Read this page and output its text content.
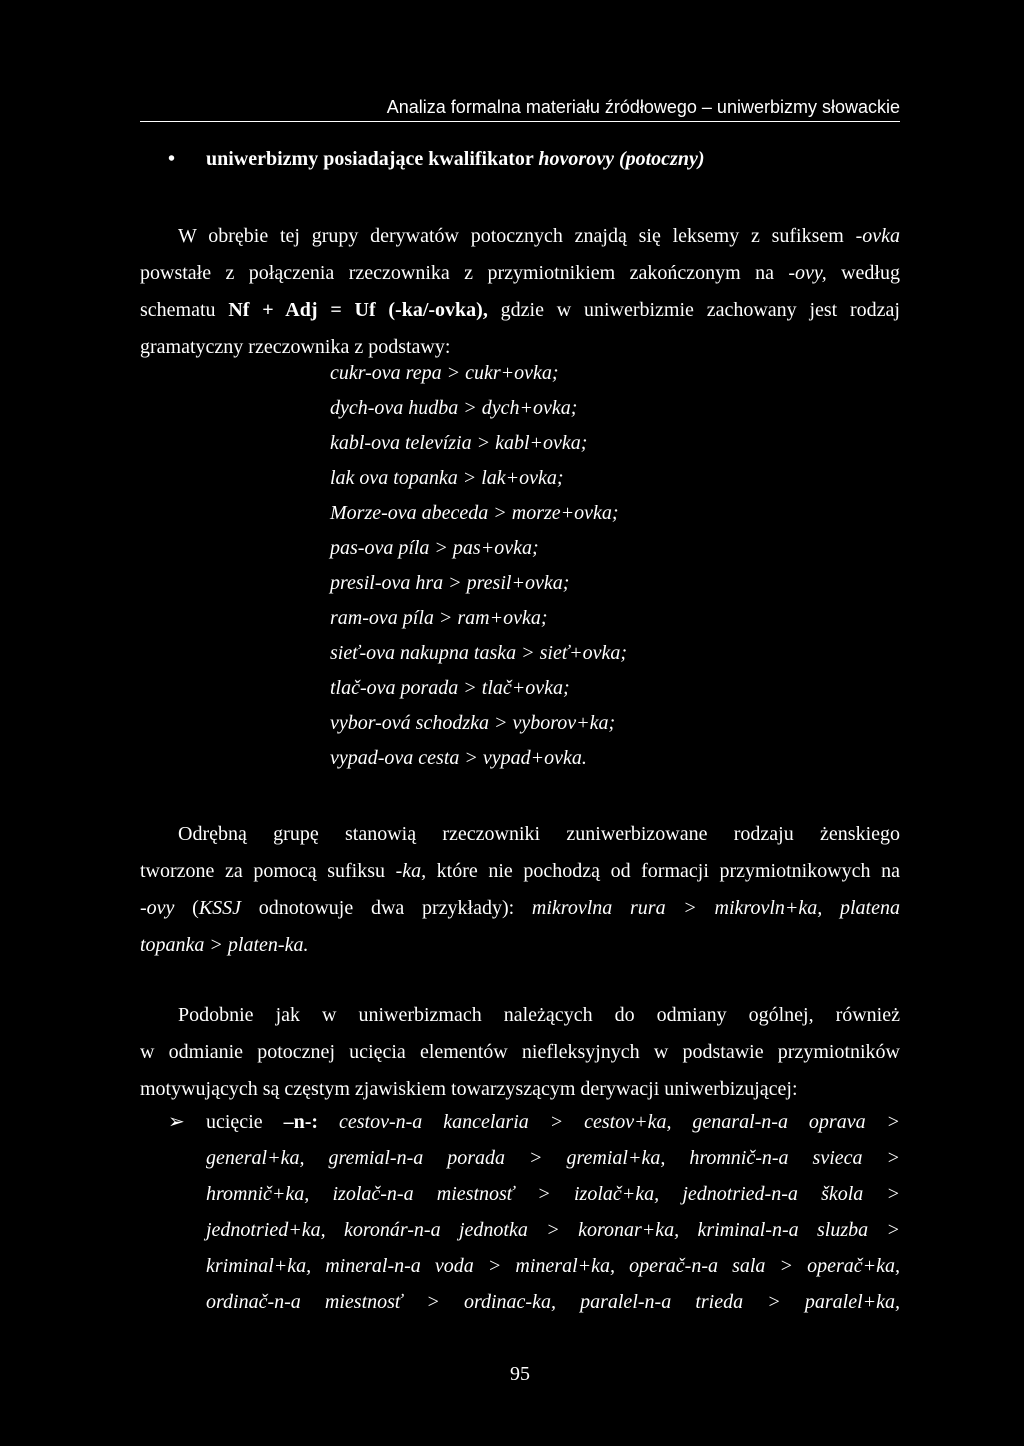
Analiza formalna materiału źródłowego – uniwerbizmy słowackie
• uniwerbizmy posiadające kwalifikator hovorovy (potoczny)
W obrębie tej grupy derywatów potocznych znajdą się leksemy z sufiksem -ovka
powstałe z połączenia rzeczownika z przymiotnikiem zakończonym na -ovy, według
schematu Nf + Adj = Uf (-ka/-ovka), gdzie w uniwerbizmie zachowany jest rodzaj
gramatyczny rzeczownika z podstawy:
cukr-ova repa > cukr+ovka;
dych-ova hudba > dych+ovka;
kabl-ova televízia > kabl+ovka;
lak ova topanka > lak+ovka;
Morze-ova abeceda > morze+ovka;
pas-ova píla > pas+ovka;
presil-ova hra > presil+ovka;
ram-ova píla > ram+ovka;
sieť-ova nakupna taska > sieť+ovka;
tlač-ova porada > tlač+ovka;
vybor-ová schodzka > vyborov+ka;
vypad-ova cesta > vypad+ovka.
Odrębną grupę stanowią rzeczowniki zuniwerbizowane rodzaju żenskiego
tworzone za pomocą sufiksu -ka, które nie pochodzą od formacji przymiotnikowych na
-ovy (KSSJ odnotowuje dwa przykłady): mikrovlna rura > mikrovln+ka, platena
topanka > platen-ka.
Podobnie jak w uniwerbizmach należących do odmiany ogólnej, również
w odmianie potocznej ucięcia elementów niefleksyjnych w podstawie przymiotników
motywujących są częstym zjawiskiem towarzyszącym derywacji uniwerbizującej:
➢ ucięcie –n-: cestov-n-a kancelaria > cestov+ka, genaral-n-a oprava >
general+ka, gremial-n-a porada > gremial+ka, hromnič-n-a svieca >
hromnič+ka, izolač-n-a miestnosť > izolač+ka, jednotried-n-a škola >
jednotried+ka, koronár-n-a jednotka > koronar+ka, kriminal-n-a sluzba >
kriminal+ka, mineral-n-a voda > mineral+ka, operač-n-a sala > operač+ka,
ordinač-n-a miestnosť > ordinac-ka, paralel-n-a trieda > paralel+ka,
95
